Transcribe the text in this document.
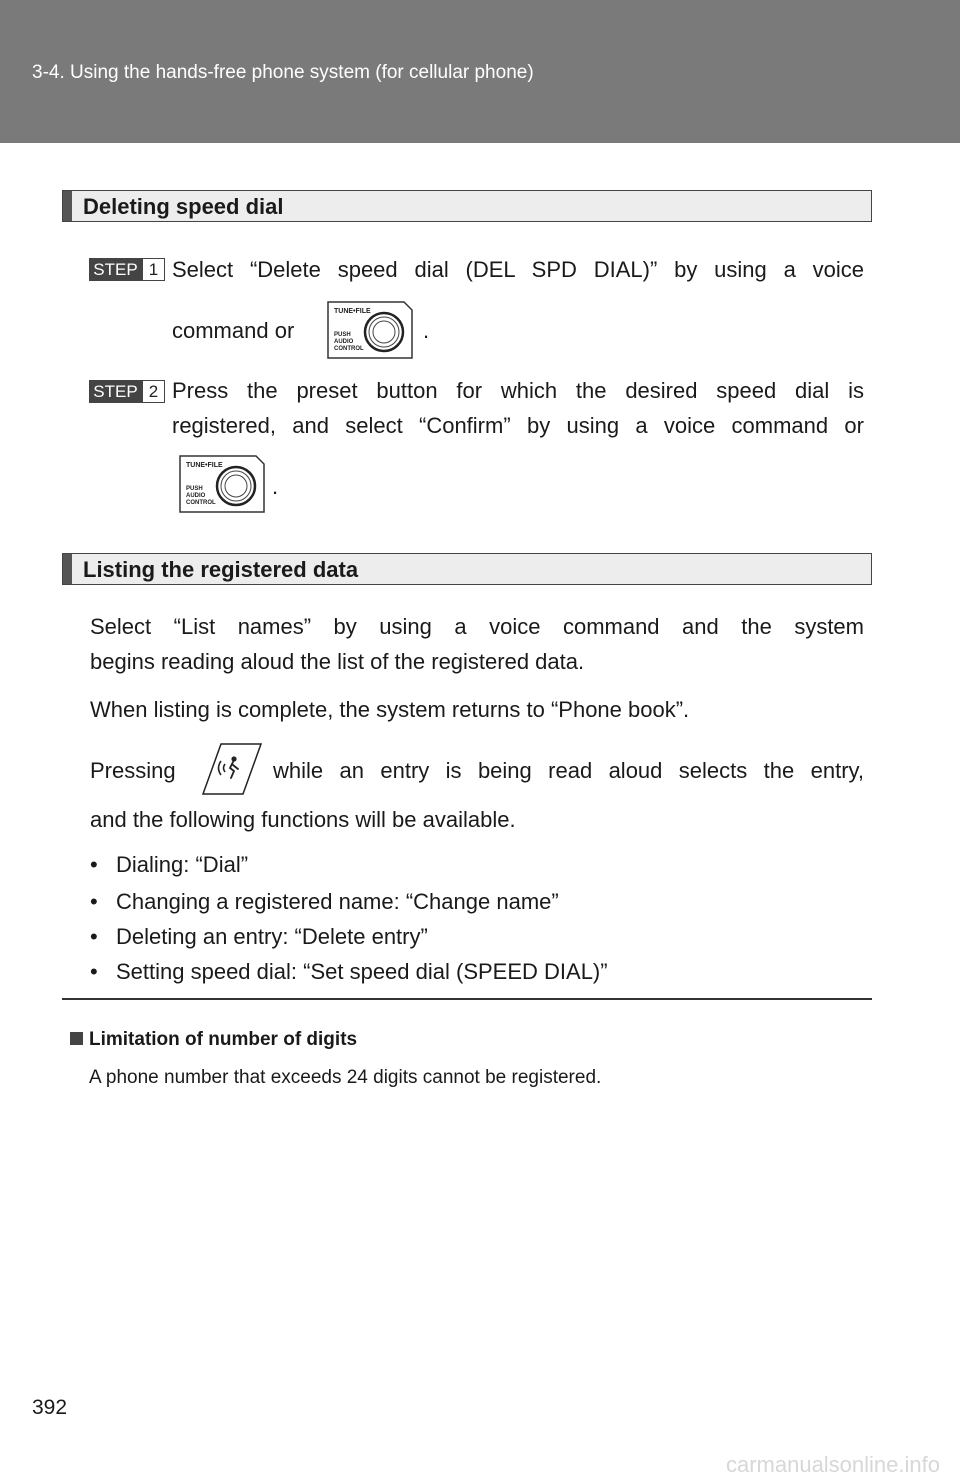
3-4. Using the hands-free phone system (for cellular phone)
Deleting speed dial
STEP 1 Select “Delete speed dial (DEL SPD DIAL)” by using a voice
command or
TUNE•FILE
PUSH
AUDIO
CONTROL
.
STEP 2 Press the preset button for which the desired speed dial is
registered, and select “Confirm” by using a voice command or
TUNE•FILE
PUSH
AUDIO
CONTROL
.
Listing the registered data
Select “List names” by using a voice command and the system
begins reading aloud the list of the registered data.
When listing is complete, the system returns to “Phone book”.
Pressing	while an entry is being read aloud selects the entry,
and the following functions will be available.
• Dialing: “Dial”
• Changing a registered name: “Change name”
• Deleting an entry: “Delete entry”
• Setting speed dial: “Set speed dial (SPEED DIAL)”
Limitation of number of digits
A phone number that exceeds 24 digits cannot be registered.
392
carmanualsonline.info
